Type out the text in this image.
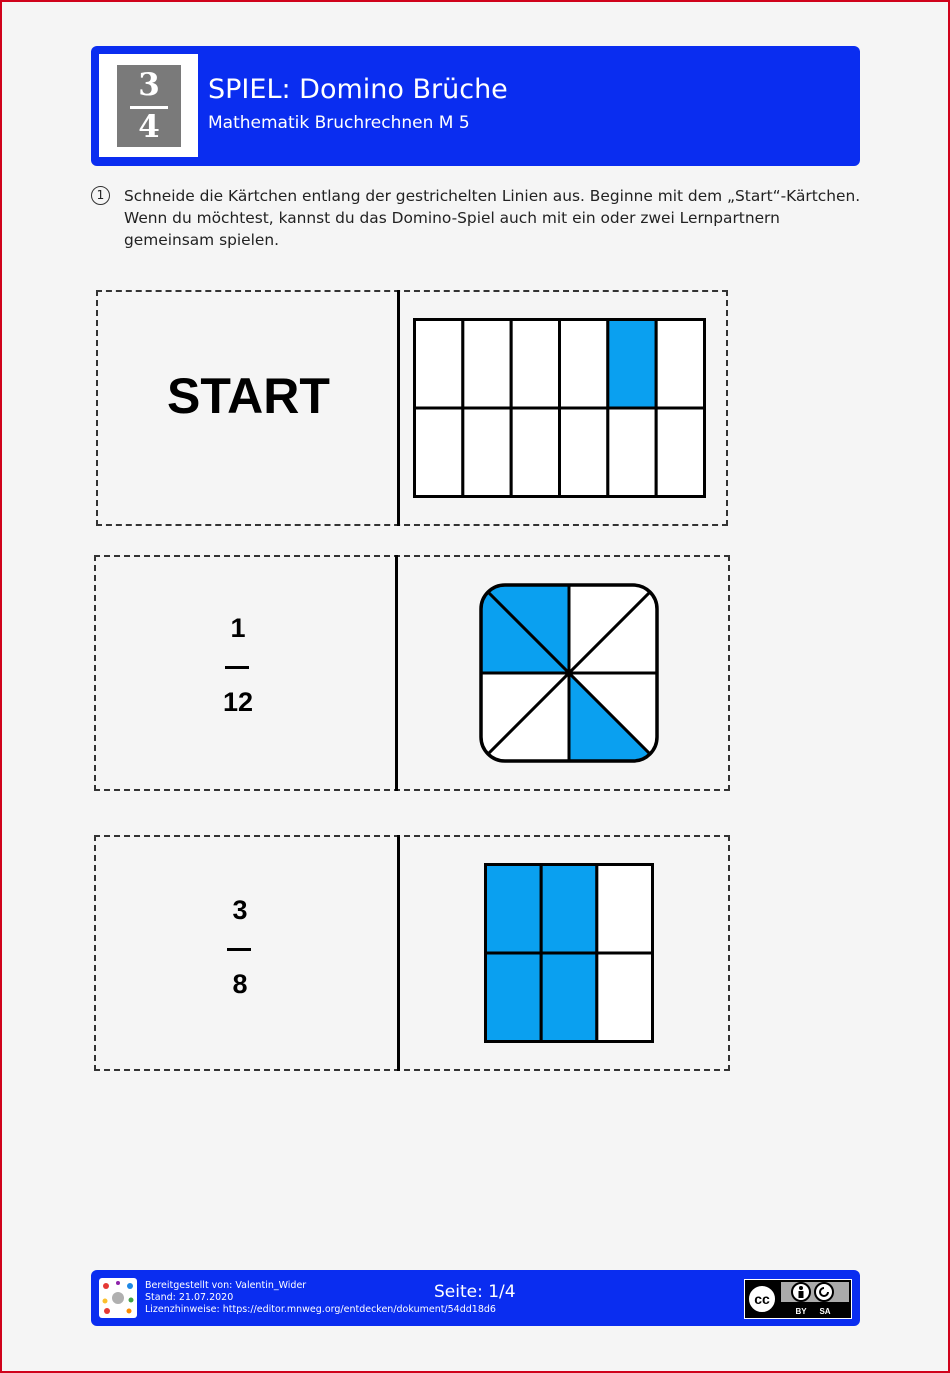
3
4
SPIEL: Domino Brüche
Mathematik Bruchrechnen M 5
1	Schneide die Kärtchen entlang der gestrichelten Linien aus. Beginne mit dem „Start“-Kärtchen. Wenn du möchtest, kannst du das Domino-Spiel auch mit ein oder zwei Lernpartnern gemeinsam spielen.
START
1
12
3
8
Bereitgestellt von: Valentin_Wider
Stand: 21.07.2020
Lizenzhinweise: https://editor.mnweg.org/entdecken/dokument/54dd18d6
Seite: 1/4	cc
BY SA
